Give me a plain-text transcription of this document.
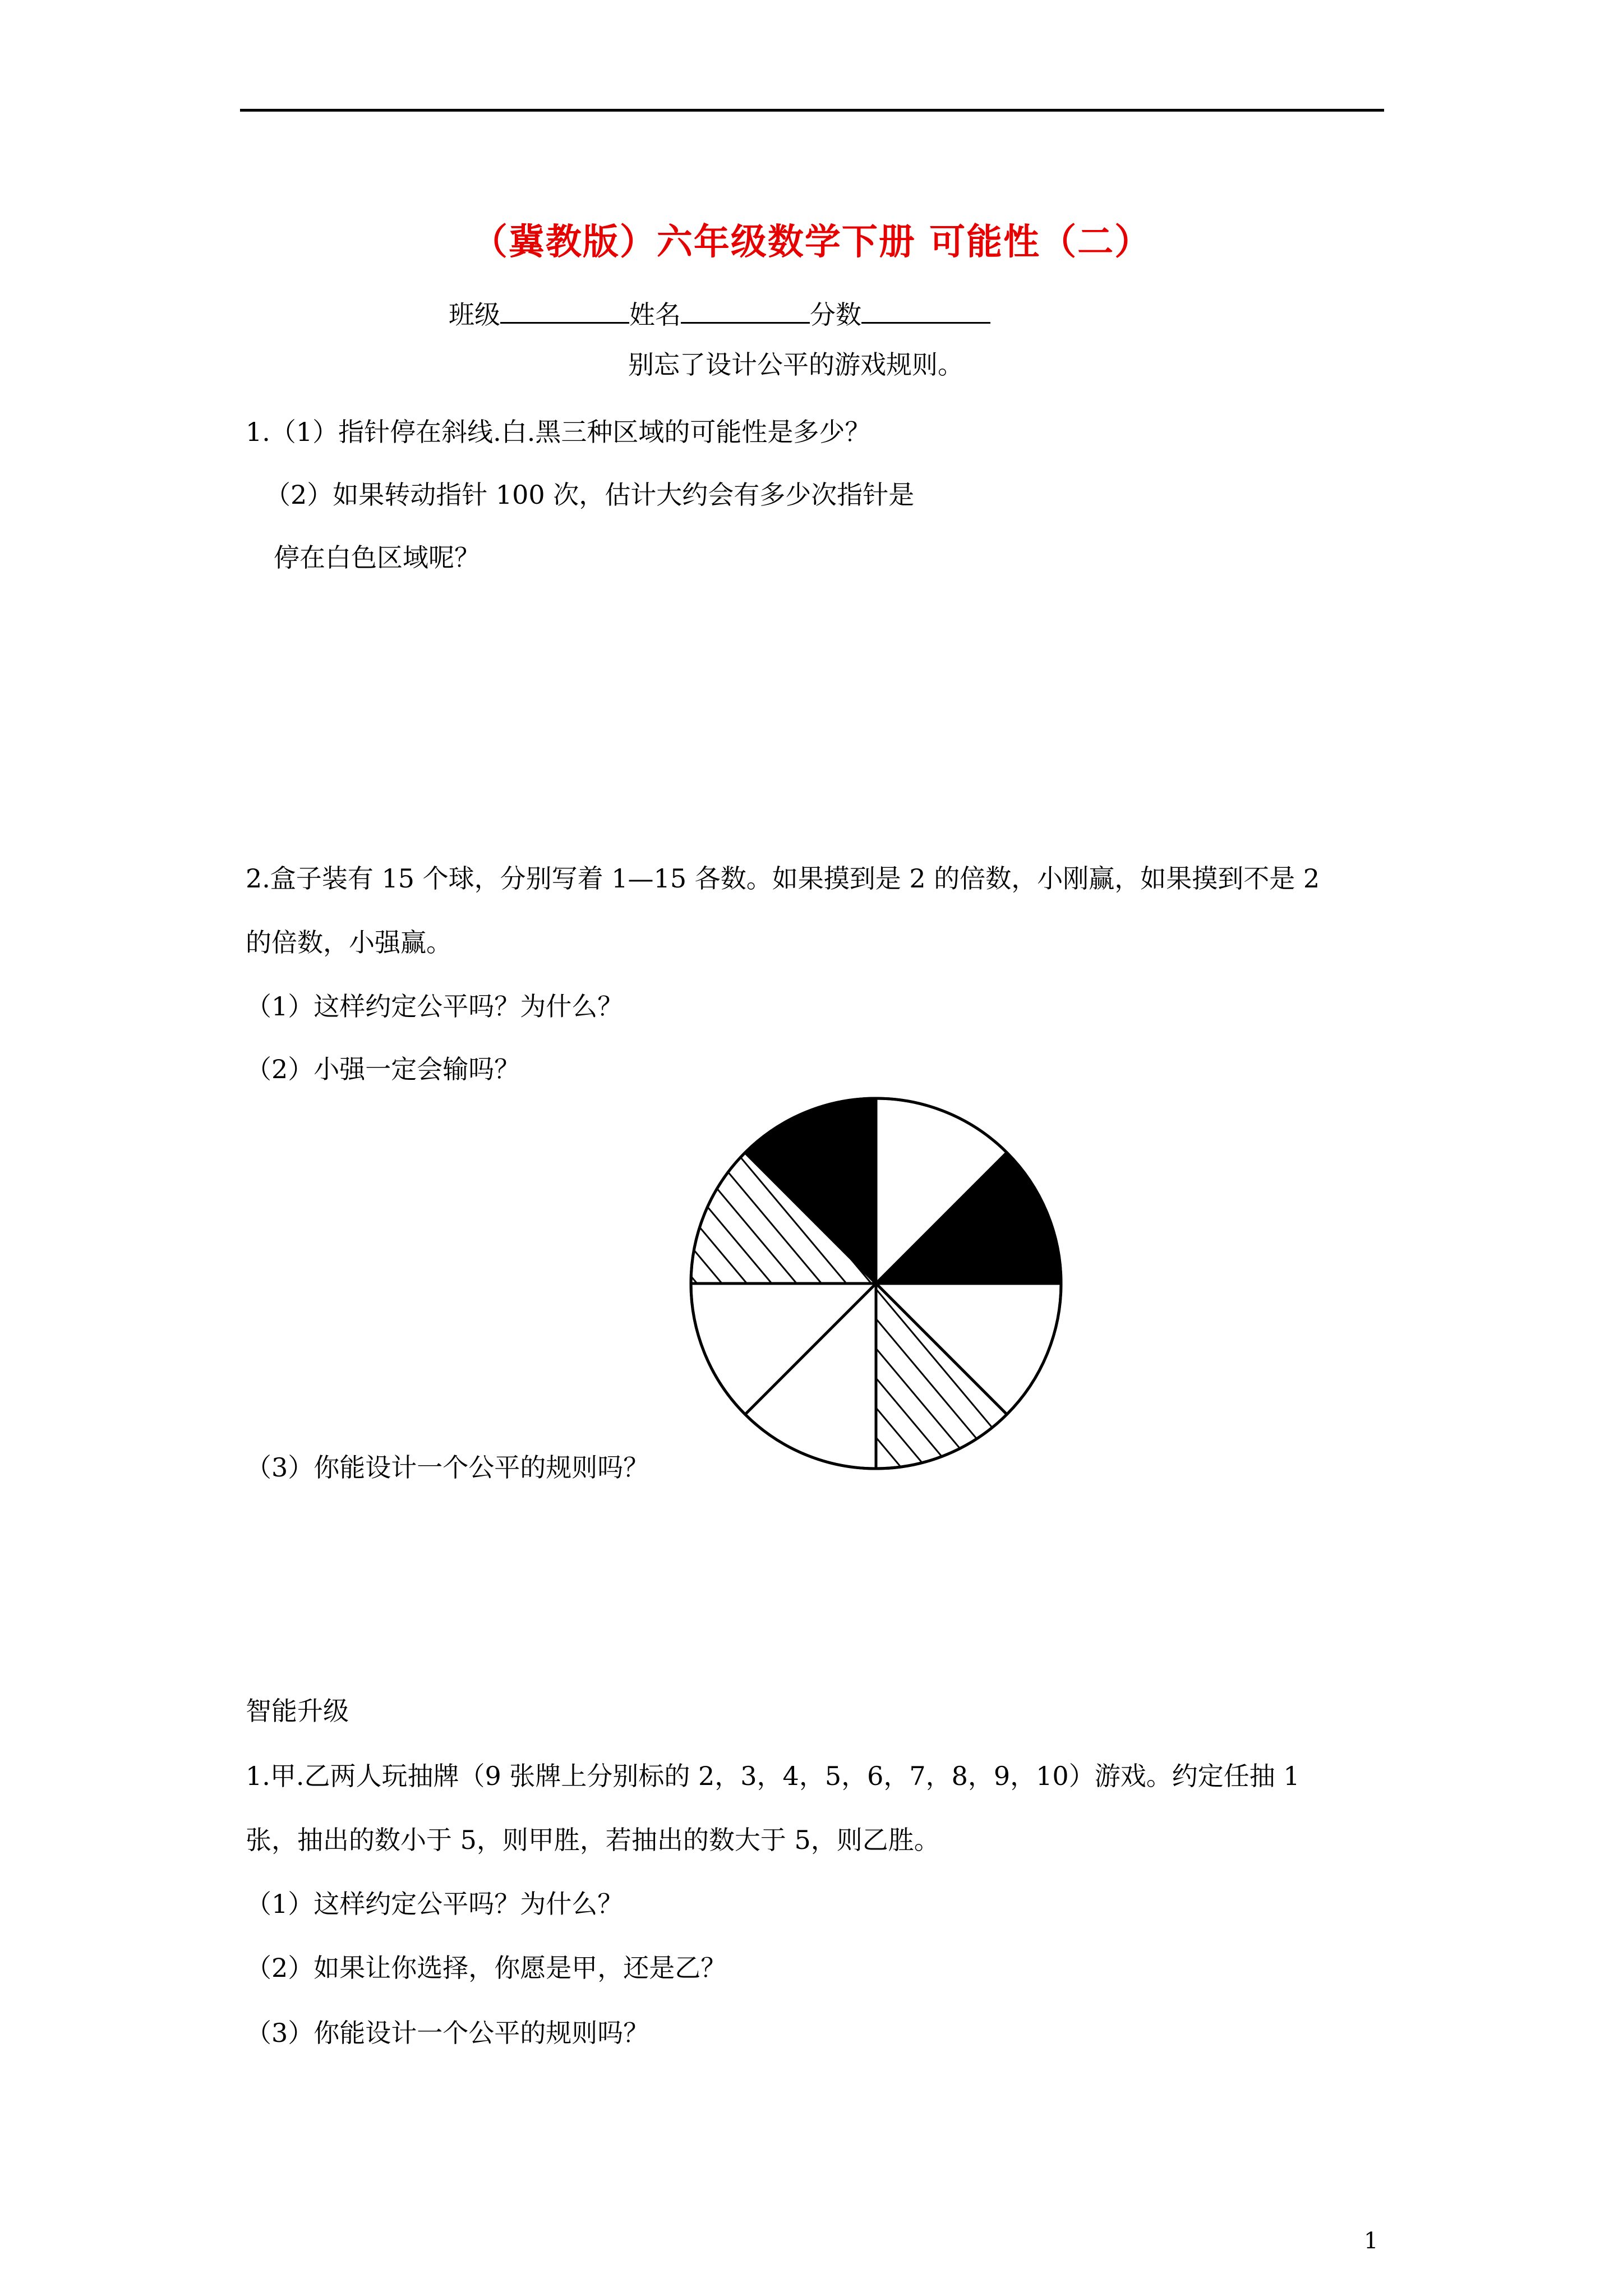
（冀教版）六年级数学下册 可能性（二）
班级	姓名	分数
别忘了设计公平的游戏规则。
1.（1）指针停在斜线.白.黑三种区域的可能性是多少？
（2）如果转动指针 100 次，估计大约会有多少次指针是
停在白色区域呢？
2.盒子装有 15 个球，分别写着 1—15 各数。如果摸到是 2 的倍数，小刚赢，如果摸到不是 2
的倍数，小强赢。
（1）这样约定公平吗？为什么？
（2）小强一定会输吗？
（3）你能设计一个公平的规则吗？
智能升级
1.甲.乙两人玩抽牌（9 张牌上分别标的 2，3，4，5，6，7，8，9，10）游戏。约定任抽 1
张，抽出的数小于 5，则甲胜，若抽出的数大于 5，则乙胜。
（1）这样约定公平吗？为什么？
（2）如果让你选择，你愿是甲，还是乙？
（3）你能设计一个公平的规则吗？
1
